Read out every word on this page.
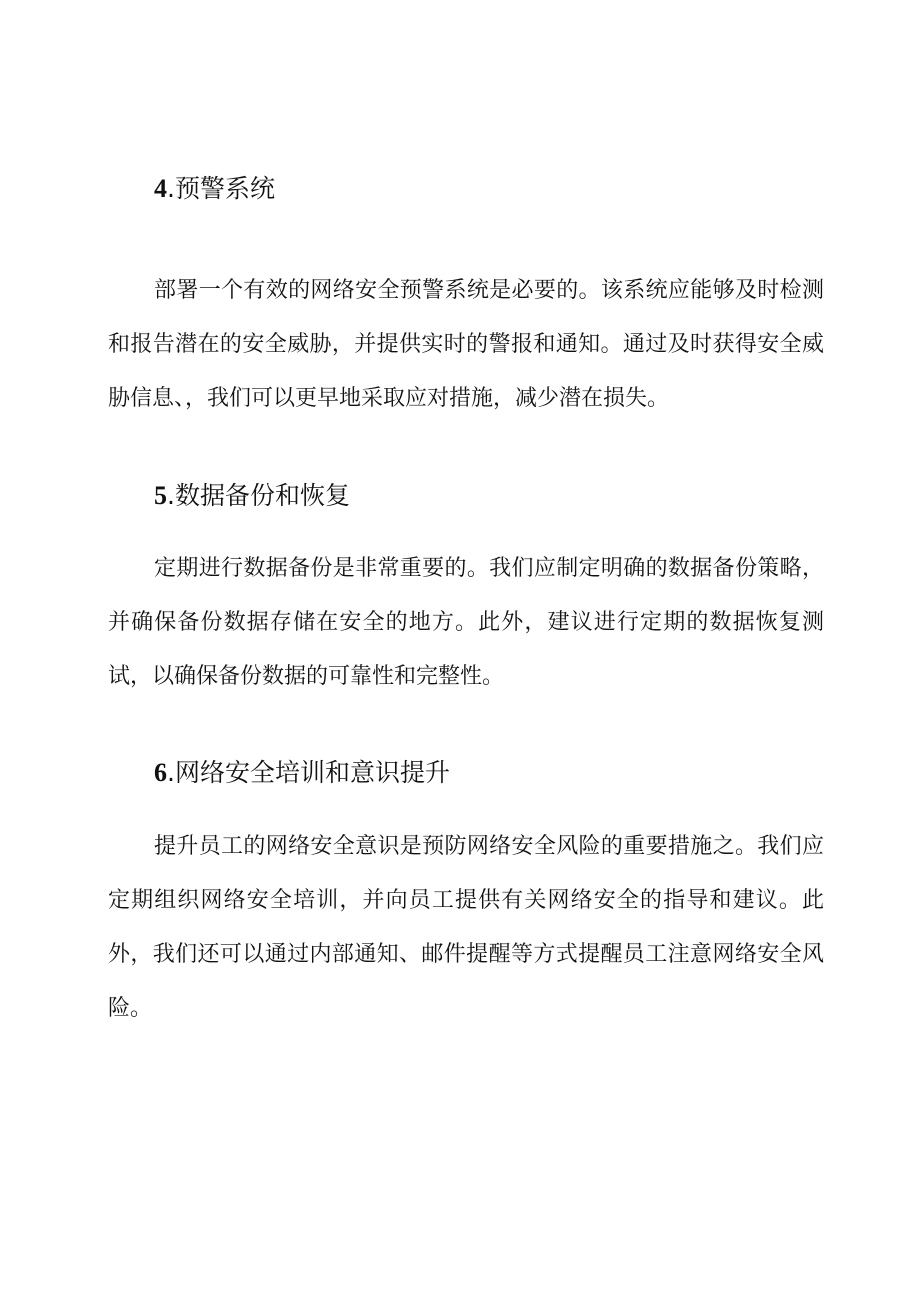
4.预警系统

部署一个有效的网络安全预警系统是必要的。该系统应能够及时检测和报告潜在的安全威胁，并提供实时的警报和通知。通过及时获得安全威胁信息、，我们可以更早地采取应对措施，减少潜在损失。

5.数据备份和恢复

定期进行数据备份是非常重要的。我们应制定明确的数据备份策略，并确保备份数据存储在安全的地方。此外，建议进行定期的数据恢复测试，以确保备份数据的可靠性和完整性。

6.网络安全培训和意识提升

提升员工的网络安全意识是预防网络安全风险的重要措施之。我们应定期组织网络安全培训，并向员工提供有关网络安全的指导和建议。此外，我们还可以通过内部通知、邮件提醒等方式提醒员工注意网络安全风险。
